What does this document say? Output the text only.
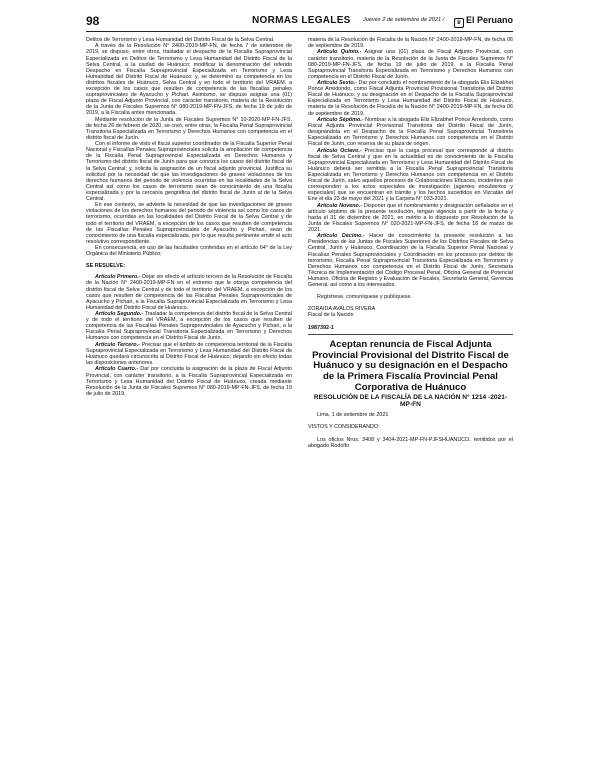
98	NORMAS LEGALES Jueves 2 de setiembre de 2021 /	♛ El Peruano

Delitos de Terrorismo y Lesa Humanidad del Distrito Fiscal de la Selva Central.

A través de la Resolución N° 2400-2019-MP-FN, de fecha 7 de setiembre de 2019, se dispuso, entre otros, trasladar el despacho de la Fiscalía Supraprovincial Especializada en Delitos de Terrorismo y Lesa Humanidad del Distrito Fiscal de la Selva Central, a la ciudad de Huánuco; modificar la denominación del referido Despacho en Fiscalía Supraprovincial Especializada en Terrorismo y Lesa Humanidad del Distrito Fiscal de Huánuco; y, se determinó su competencia en los distritos fiscales de Huánuco, Selva Central y en todo el territorio del VRAEM, a excepción de los casos que resulten de competencia de las fiscalías penales supraprovinciales de Ayacucho y Pichari. Asimismo, se dispuso asignar una (01) plaza de Fiscal Adjunto Provincial, con carácter transitorio, materia de la Resolución de la Junta de Fiscales Supremos N° 080-2019-MP-FN-JFS, de fecha 19 de julio de 2019, a la Fiscalía antes mencionada.

Mediante resolución de la Junta de Fiscales Supremos N° 10-2020-MP-FN-JFS, de fecha 26 de febrero de 2020, se creó, entre otras, la Fiscalía Penal Supraprovincial Transitoria Especializada en Terrorismo y Derechos Humanos con competencia en el distrito fiscal de Junín.

Con el informe de visto el fiscal superior coordinador de la Fiscalía Superior Penal Nacional y Fiscalías Penales Supraprovinciales solicita la ampliación de competencia de la Fiscalía Penal Supraprovincial Especializada en Derechos Humanos y Terrorismo del distrito fiscal de Junín para que conozca los casos del distrito fiscal de la Selva Central; y, solicita la asignación de un fiscal adjunto provincial. Justifica su solicitud por la necesidad de que las investigaciones de graves violaciones de los derechos humanos del periodo de violencia ocurridas en las localidades de la Selva Central así como los casos de terrorismo sean de conocimiento de una fiscalía especializada y por la cercanía geográfica del distrito fiscal de Junín al de la Selva Central.

En ese contexto, se advierte la necesidad de que las investigaciones de graves violaciones de los derechos humanos del periodo de violencia así como los casos de terrorismo, ocurridas en las localidades del Distrito Fiscal de la Selva Central y de todo el territorio del VRAEM, a excepción de los casos que resulten de competencia de las Fiscalías Penales Supraprovinciales de Ayacucho y Pichari, sean de conocimiento de una fiscalía especializada, por lo que resulta pertinente emitir el acto resolutivo correspondiente.

En consecuencia, en uso de las facultades conferidas en el artículo 64° de la Ley Orgánica del Ministerio Público;

SE RESUELVE:

Artículo Primero.- Dejar sin efecto el artículo tercero de la Resolución de Fiscalía de la Nación N° 2400-2019-MP-FN en el extremo que le otorga competencia del distrito fiscal de Selva Central y de todo el territorio del VRAEM, a excepción de los casos que resulten de competencia de las Fiscalías Penales Supraprovinciales de Ayacucho y Pichari, a la Fiscalía Supraprovincial Especializada en Terrorismo y Lesa Humanidad del Distrito Fiscal de Huánuco.

Artículo Segundo.- Trasladar la competencia del distrito fiscal de la Selva Central y de todo el territorio del VRAEM, a excepción de los casos que resulten de competencia de las Fiscalías Penales Supraprovinciales de Ayacucho y Pichari, a la Fiscalía Penal Supraprovincial Transitoria Especializada en Terrorismo y Derechos Humanos con competencia en el Distrito Fiscal de Junín.

Artículo Tercero.- Precisar que el ámbito de competencia territorial de la Fiscalía Supraprovincial Especializada en Terrorismo y Lesa Humanidad del Distrito Fiscal de Huánuco quedará circunscrita al Distrito Fiscal de Huánuco; dejando sin efecto todas las disposiciones anteriores.

Artículo Cuarto.- Dar por concluida la asignación de la plaza de Fiscal Adjunto Provincial, con carácter transitorio, a la Fiscalía Supraprovincial Especializada en Terrorismo y Lesa Humanidad del Distrito Fiscal de Huánuco, creada mediante Resolución de la Junta de Fiscales Supremos N° 080-2019-MP-FN-JFS, de fecha 19 de julio de 2019,

materia de la Resolución de Fiscalía de la Nación N° 2400-2019-MP-FN, de fecha 06 de septiembre de 2019.

Artículo Quinto.- Asignar una (01) plaza de Fiscal Adjunto Provincial, con carácter transitorio, materia de la Resolución de la Junta de Fiscales Supremos N° 080-2019-MP-FN-JFS, de fecha 19 de julio de 2019, a la Fiscalía Penal Supraprovincial Transitoria Especializada en Terrorismo y Derechos Humanos con competencia en el Distrito Fiscal de Junín.

Artículo Sexto.- Dar por concluido el nombramiento de la abogada Elis Elizabhet Ponce Arredondo, como Fiscal Adjunta Provincial Provisional Transitoria del Distrito Fiscal de Huánuco, y su designación en el Despacho de la Fiscalía Supraprovincial Especializada en Terrorismo y Lesa Humanidad del Distrito Fiscal de Huánuco, materia de la Resolución de Fiscalía de la Nación N° 2400-2019-MP-FN, de fecha 06 de septiembre de 2019.

Artículo Séptimo.- Nombrar a la abogada Elis Elizabhet Ponce Arredondo, como Fiscal Adjunta Provincial Provisional Transitoria del Distrito Fiscal de Junín, designándola en el Despacho de la Fiscalía Penal Supraprovincial Transitoria Especializada en Terrorismo y Derechos Humanos con competencia en el Distrito Fiscal de Junín, con reserva de su plaza de origen.

Artículo Octavo.- Precisar que la carga procesal que corresponde al distrito fiscal de Selva Central y que en la actualidad es de conocimiento de la Fiscalía Supraprovincial Especializada en Terrorismo y Lesa Humanidad del Distrito Fiscal de Huánuco deberá ser remitida a la Fiscalía Penal Supraprovincial Transitoria Especializada en Terrorismo y Derechos Humanos con competencia en el Distrito Fiscal de Junín, salvo aquellos procesos de Colaboraciones Eficaces, incidentes que corresponden a los actos especiales de investigación (agentes encubiertos y especiales) que se encuentran en trámite y los hechos sucedidos en Vizcatán del Ene el día 23 de mayo del 2021 y la Carpeta N° 033-2021.

Artículo Noveno.- Disponer que el nombramiento y designación señalados en el artículo séptimo de la presente resolución, tengan vigencia a partir de la fecha y hasta el 31 de diciembre de 2021, en mérito a lo dispuesto por Resolución de la Junta de Fiscales Supremos N° 020-2021-MP-FN-JFS, de fecha 18 de marzo de 2021.

Artículo Décimo.- Hacer de conocimiento la presente resolución a las Presidencias de las Juntas de Fiscales Superiores de los Distritos Fiscales de Selva Central, Junín y Huánuco, Coordinación de la Fiscalía Superior Penal Nacional y Fiscalías Penales Supraprovinciales y Coordinación en los procesos por delitos de terrorismo, Fiscalía Penal Supraprovincial Transitoria Especializada en Terrorismo y Derechos Humanos con competencia en el Distrito Fiscal de Junín, Secretaría Técnica de Implementación del Código Procesal Penal, Oficina General de Potencial Humano, Oficina de Registro y Evaluación de Fiscales, Secretaría General, Gerencia General, así como a los interesados.

Regístrese, comuníquese y publíquese.

ZORAIDA AVALOS RIVERA

Fiscal de la Nación

1987392-1

Aceptan renuncia de Fiscal Adjunta Provincial Provisional del Distrito Fiscal de Huánuco y su designación en el Despacho de la Primera Fiscalía Provincial Penal Corporativa de Huánuco

RESOLUCIÓN DE LA FISCALÍA DE LA NACIÓN N° 1214 -2021-MP-FN

Lima, 1 de setiembre de 2021

VISTOS Y CONSIDERANDO:

Los oficios Nros. 3408 y 3404-2021-MP-FN-PJFSHUANUCO, remitidos por el abogado Rodolfo
